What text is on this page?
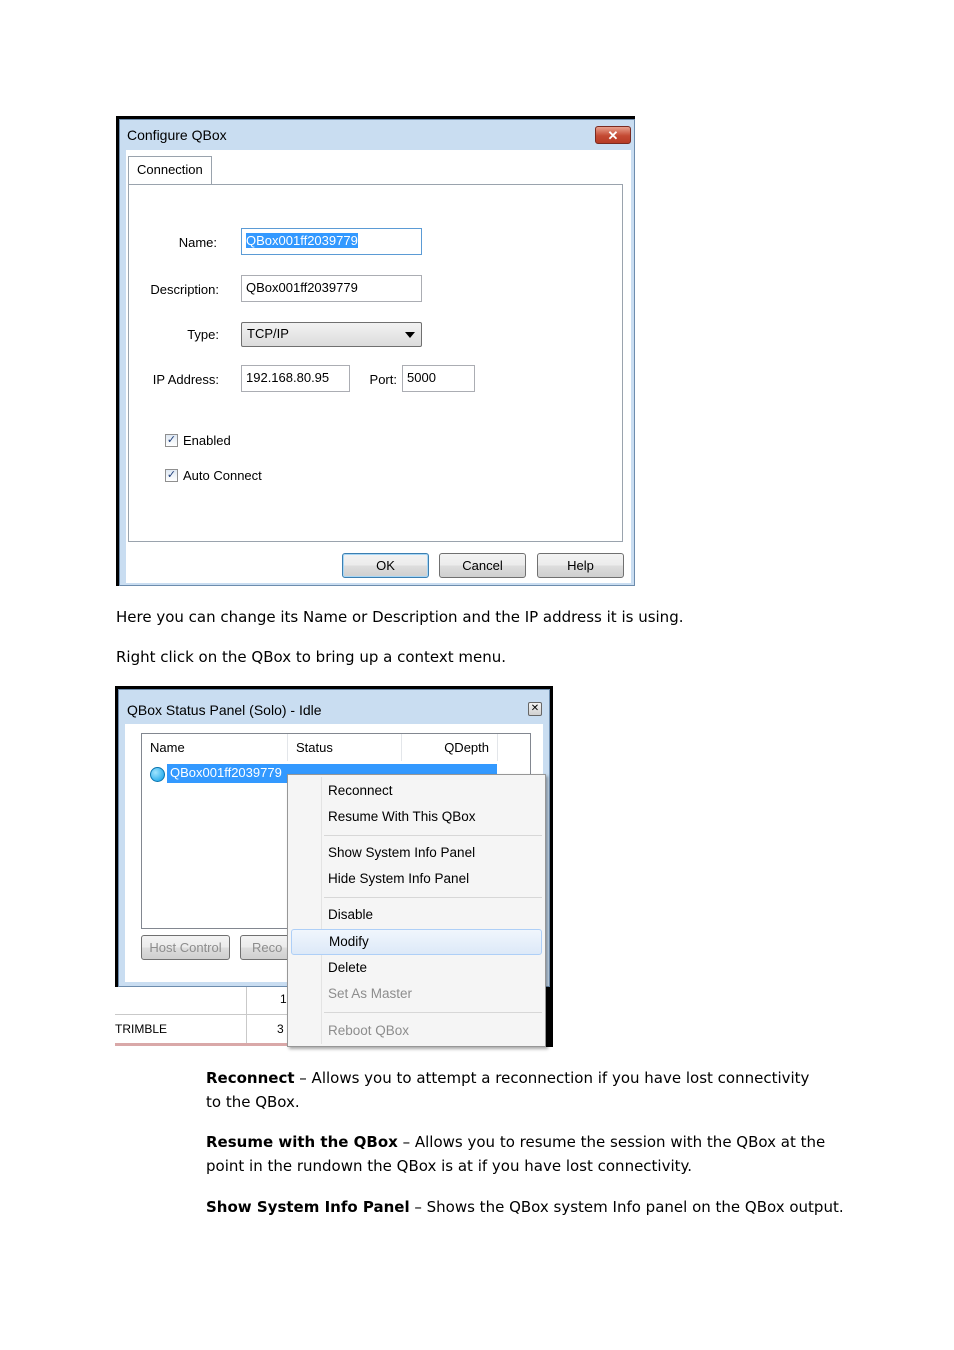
Configure QBox	✕
Connection
Name:	QBox001ff2039779
Description:	QBox001ff2039779
Type:	TCP/IP
IP Address:	192.168.80.95	Port: 5000
✓ Enabled
✓ Auto Connect
OK	Cancel	Help
Here you can change its Name or Description and the IP address it is using.
Right click on the QBox to bring up a context menu.
QBox Status Panel (Solo) - Idle	✕
Name	Status	QDepth
QBox001ff2039779
Host Control	Reco
1
TRIMBLE	3
Reconnect
Resume With This QBox
Show System Info Panel
Hide System Info Panel
Disable
Modify
Delete
Set As Master
Reboot QBox
Reconnect – Allows you to attempt a reconnection if you have lost connectivity to the QBox.
Resume with the QBox – Allows you to resume the session with the QBox at the point in the rundown the QBox is at if you have lost connectivity.
Show System Info Panel – Shows the QBox system Info panel on the QBox output.
